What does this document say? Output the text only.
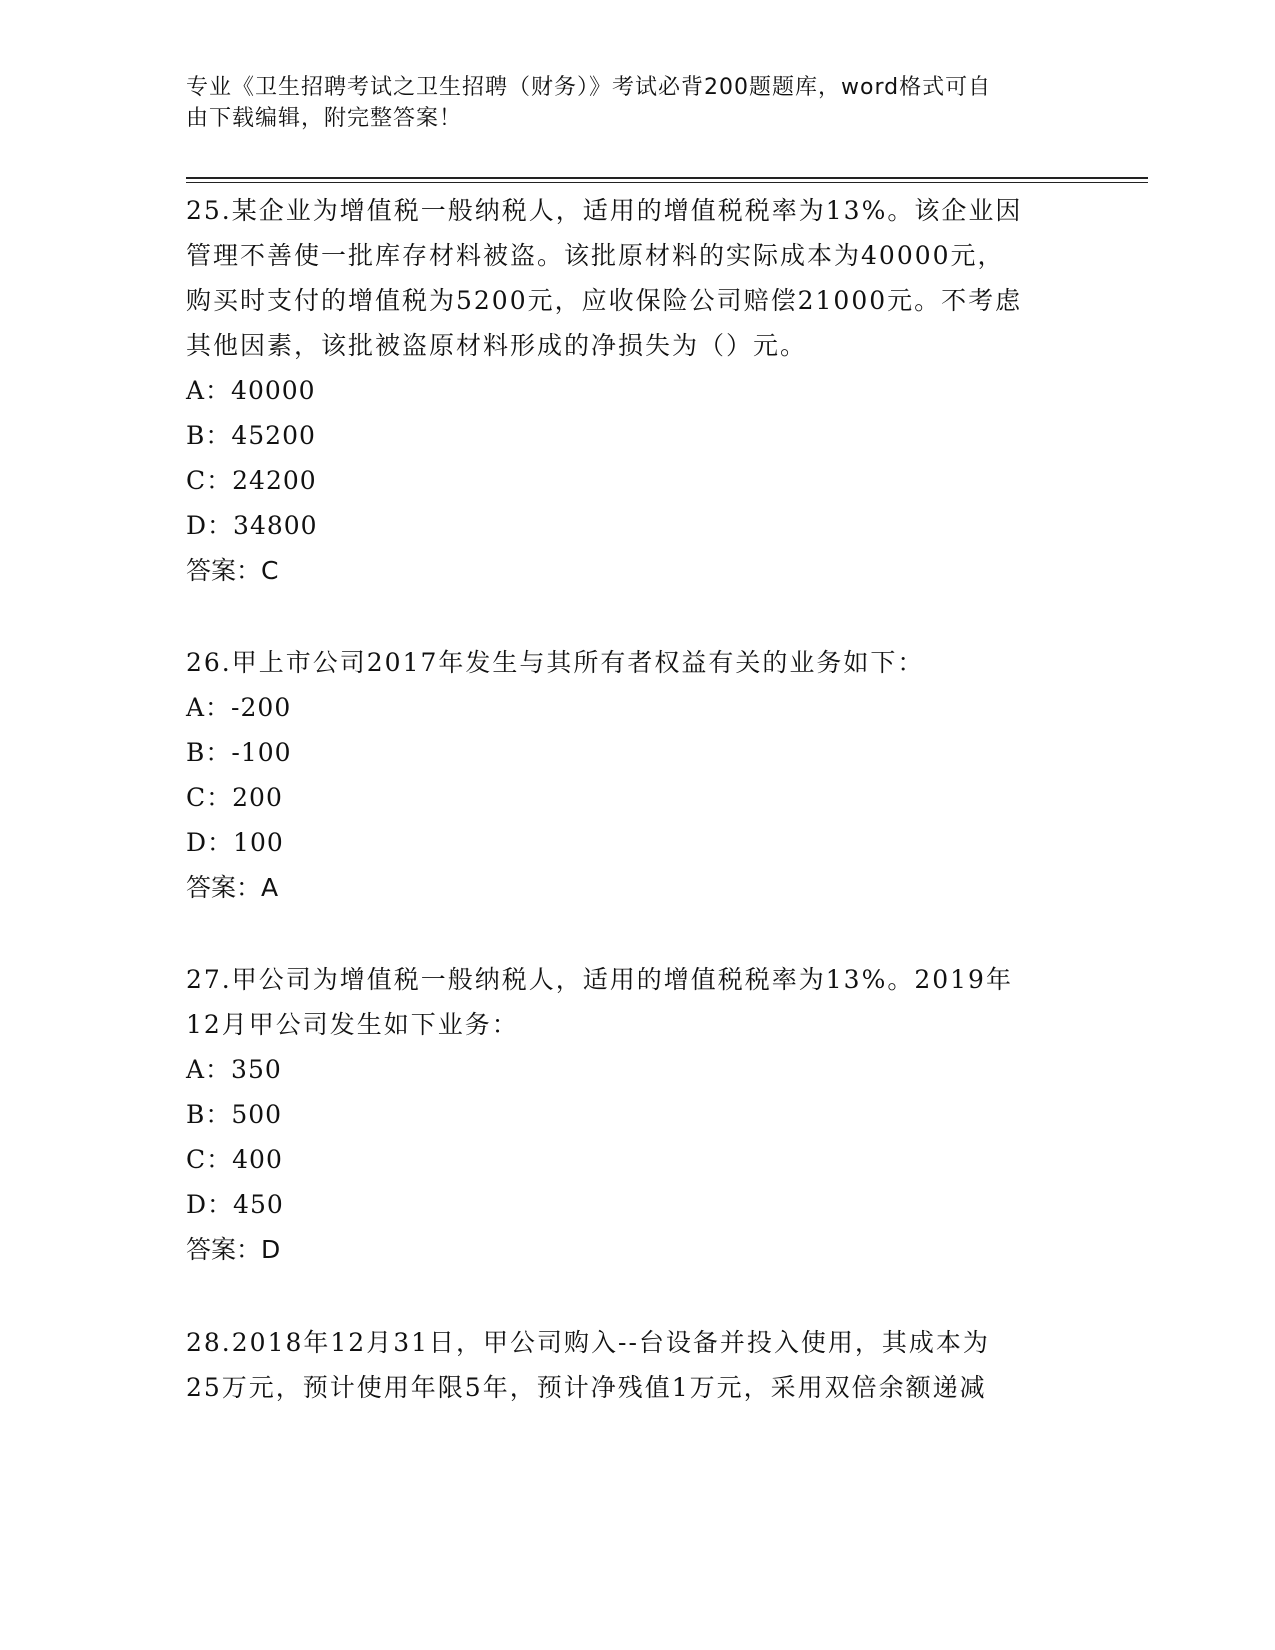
专业《卫生招聘考试之卫生招聘（财务）》考试必背200题题库，word格式可自
由下载编辑，附完整答案！

25.某企业为增值税一般纳税人，适用的增值税税率为13%。该企业因

管理不善使一批库存材料被盗。该批原材料的实际成本为40000元，

购买时支付的增值税为5200元，应收保险公司赔偿21000元。不考虑

其他因素，该批被盗原材料形成的净损失为（）元。

A：40000

B：45200

C：24200

D：34800

答案：C

26.甲上市公司2017年发生与其所有者权益有关的业务如下：

A：-200

B：-100

C：200

D：100

答案：A

27.甲公司为增值税一般纳税人，适用的增值税税率为13%。2019年

12月甲公司发生如下业务：

A：350

B：500

C：400

D：450

答案：D

28.2018年12月31日，甲公司购入--台设备并投入使用，其成本为

25万元，预计使用年限5年，预计净残值1万元，采用双倍余额递减
